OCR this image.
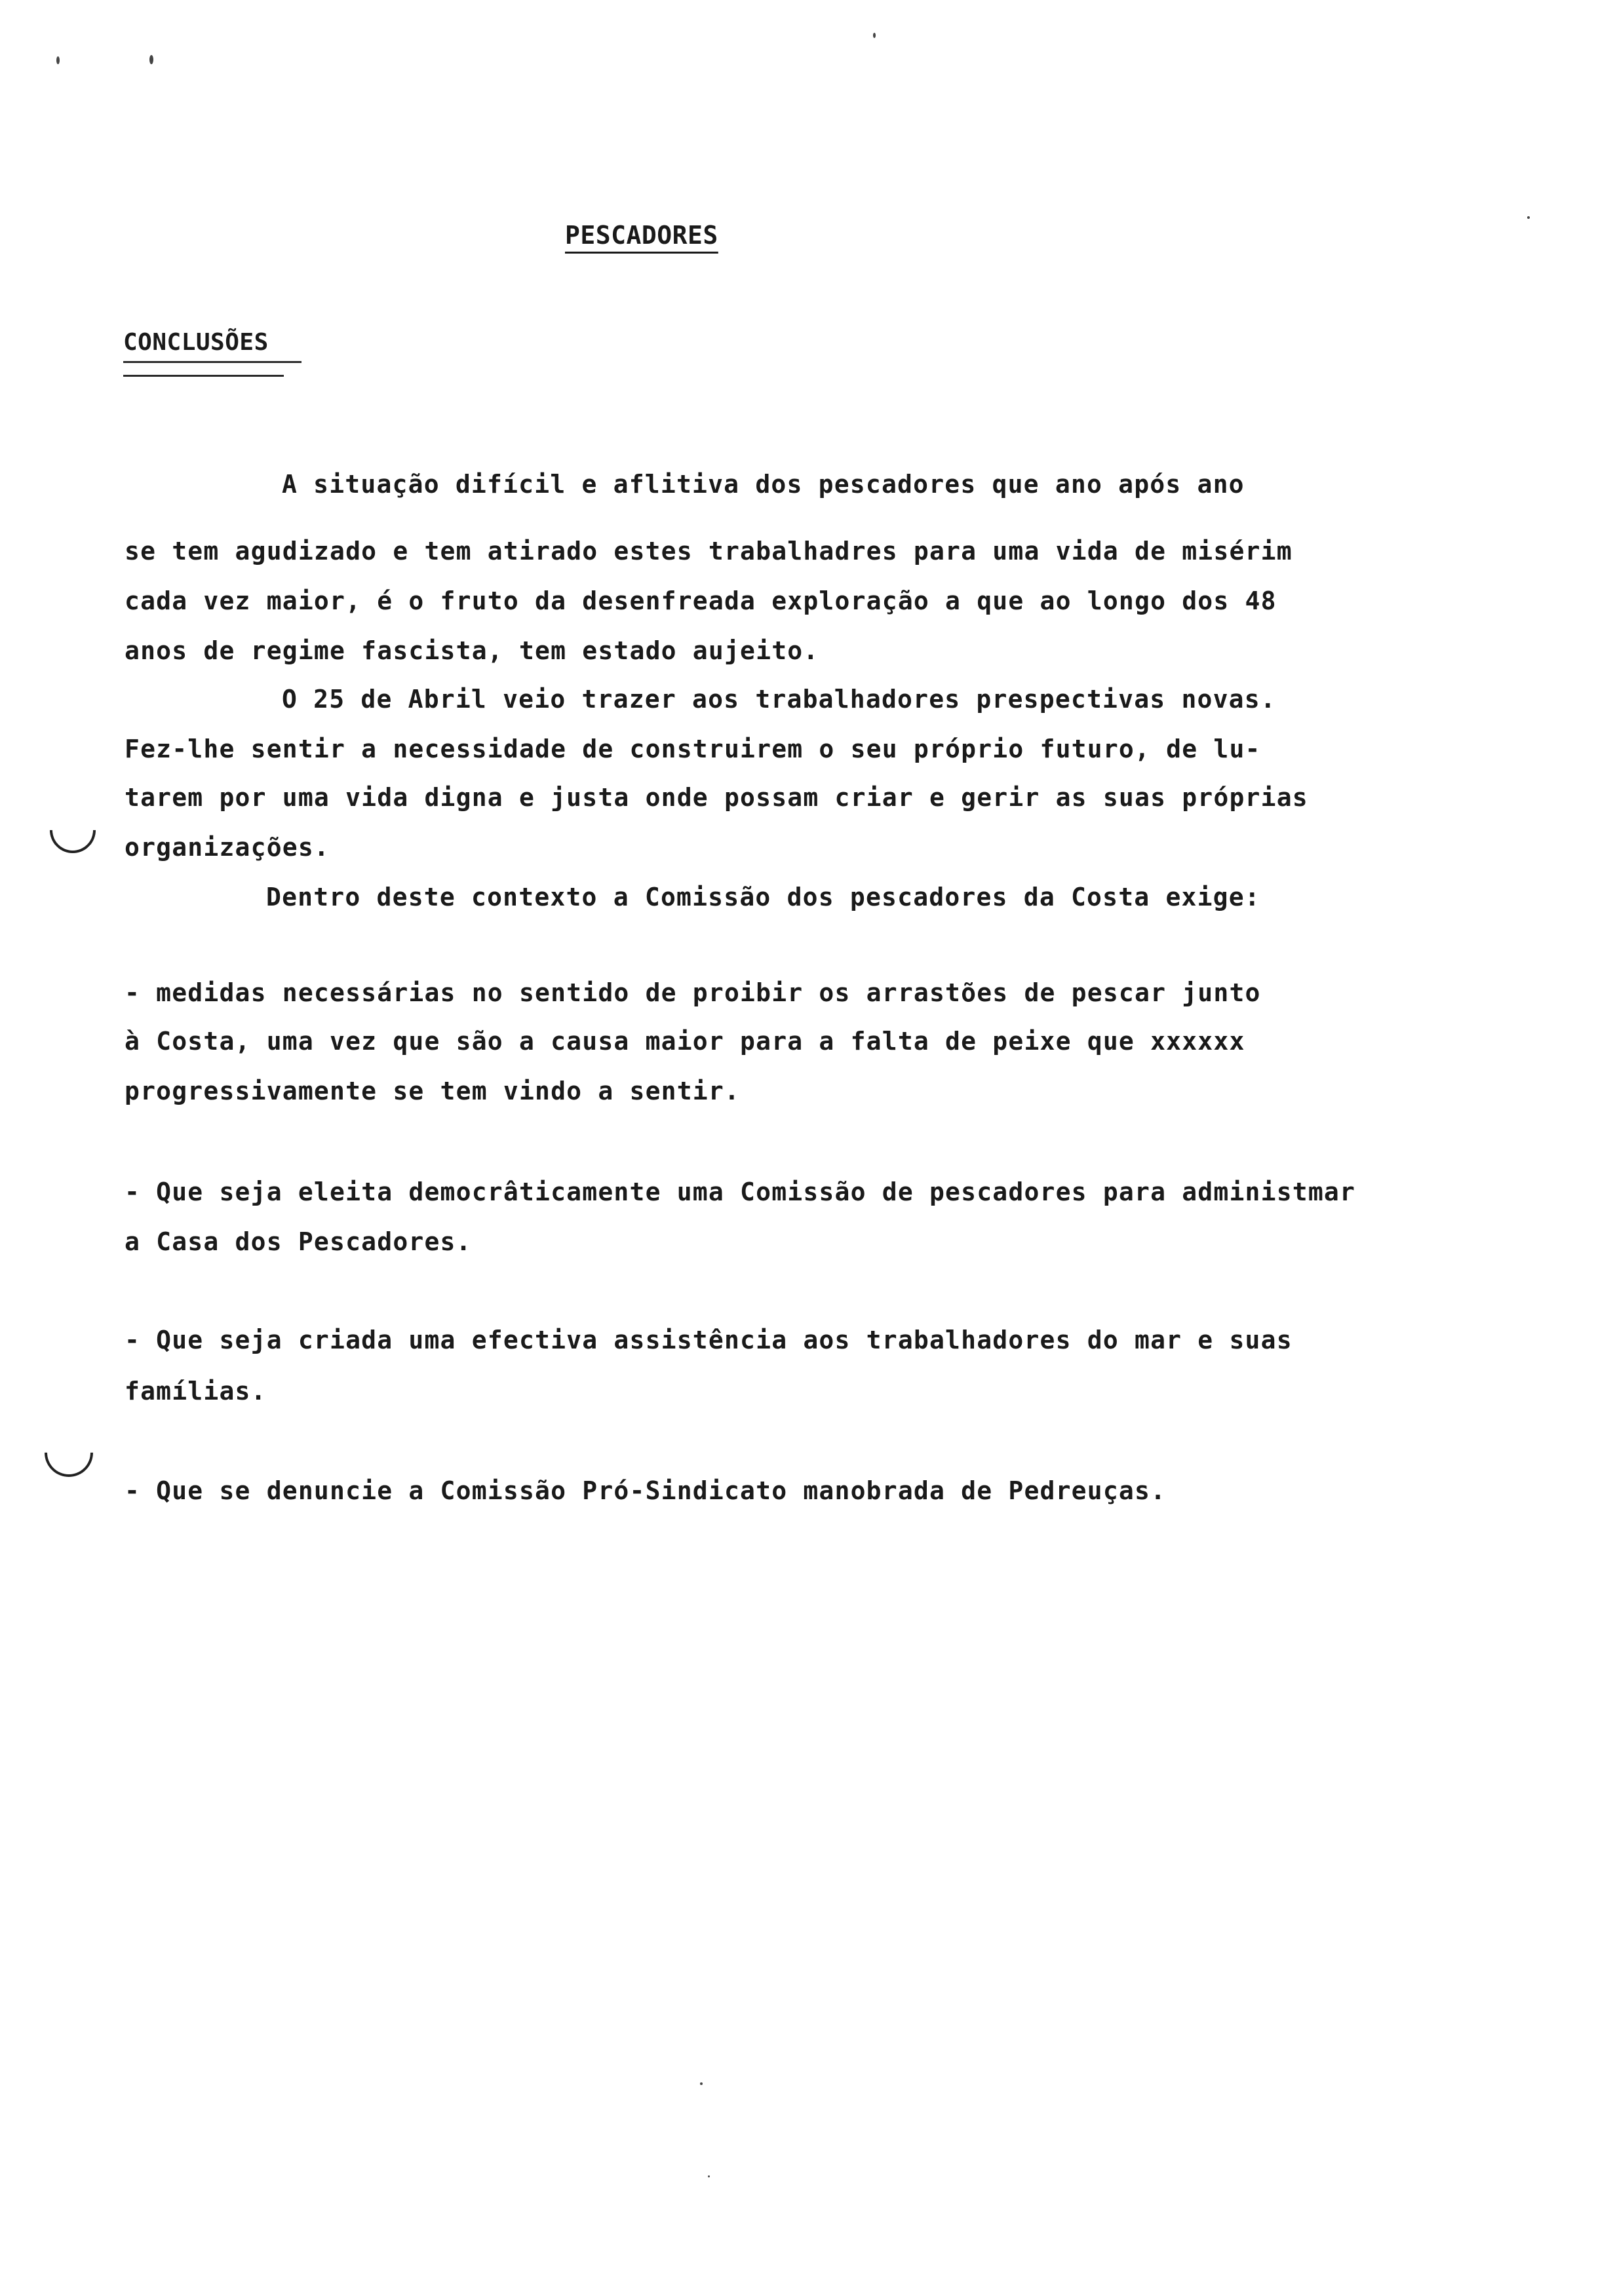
PESCADORES
CONCLUSÕES
A situação difícil e aflitiva dos pescadores que ano após ano
se tem agudizado e tem atirado estes trabalhadres para uma vida de misérim
cada vez maior, é o fruto da desenfreada exploração a que ao longo dos 48
anos de regime fascista, tem estado aujeito.
O 25 de Abril veio trazer aos trabalhadores prespectivas novas.
Fez-lhe sentir a necessidade de construirem o seu próprio futuro, de lu-
tarem por uma vida digna e justa onde possam criar e gerir as suas próprias
organizações.
Dentro deste contexto a Comissão dos pescadores da Costa exige:
- medidas necessárias no sentido de proibir os arrastões de pescar junto
à Costa, uma vez que são a causa maior para a falta de peixe que xxxxxx
progressivamente se tem vindo a sentir.
- Que seja eleita democrâticamente uma Comissão de pescadores para administmar
a Casa dos Pescadores.
- Que seja criada uma efectiva assistência aos trabalhadores do mar e suas
famílias.
- Que se denuncie a Comissão Pró-Sindicato manobrada de Pedreuças.
